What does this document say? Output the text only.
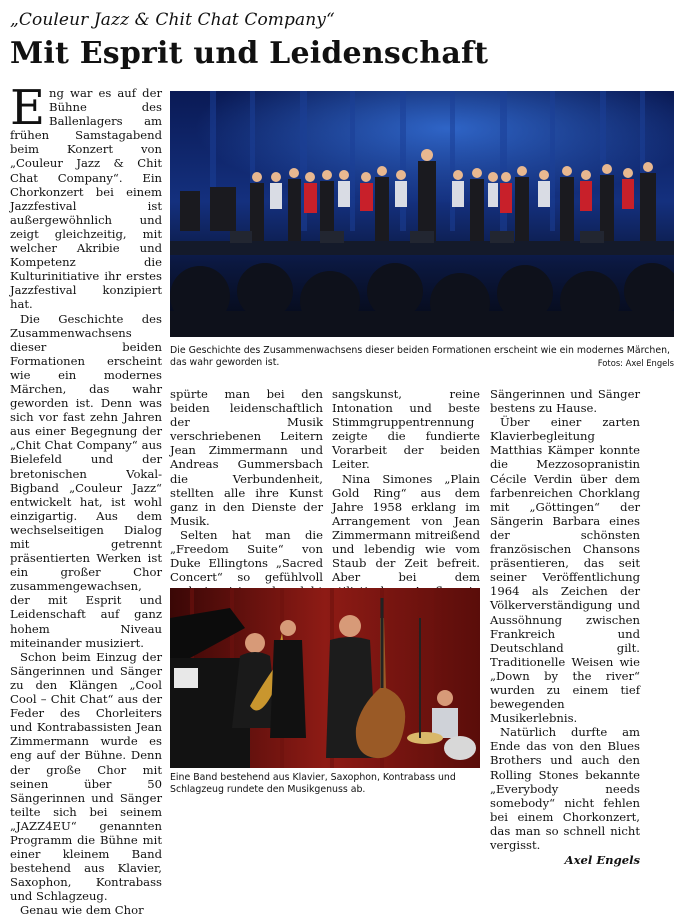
„Couleur Jazz & Chit Chat Company“
Mit Esprit und Leidenschaft

Eng war es auf der Bühne des Ballenlagers am frühen Samstagabend beim Konzert von „Couleur Jazz & Chit Chat Company“. Ein Chorkonzert bei einem Jazzfestival ist außergewöhnlich und zeigt gleichzeitig, mit welcher Akribie und Kompetenz die Kulturinitiative ihr erstes Jazzfestival konzipiert hat.

Die Geschichte des Zusammenwachsens dieser beiden Formationen erscheint wie ein modernes Märchen, das wahr geworden ist. Denn was sich vor fast zehn Jahren aus einer Begegnung der „Chit Chat Company“ aus Bielefeld und der bretonischen Vokal-Bigband „Couleur Jazz“ entwickelt hat, ist wohl einzigartig. Aus dem wechselseitigen Dialog mit getrennt präsentierten Werken ist ein großer Chor zusammengewachsen, der mit Esprit und Leidenschaft auf ganz hohem Niveau miteinander musiziert.

Schon beim Einzug der Sängerinnen und Sänger zu den Klängen „Cool Cool – Chit Chat“ aus der Feder des Chorleiters und Kontrabassisten Jean Zimmermann wurde es eng auf der Bühne. Denn der große Chor mit seinen über 50 Sängerinnen und Sänger teilte sich bei seinem „JAZZ4EU“ genannten Programm die Bühne mit einer kleinem Band bestehend aus Klavier, Saxophon, Kontrabass und Schlagzeug.

Genau wie dem Chor

Die Geschichte des Zusammenwachsens dieser beiden Formationen erscheint wie ein modernes Märchen, das wahr geworden ist.	Fotos: Axel Engels

spürte man bei den beiden leidenschaftlich der Musik verschriebenen Leitern Jean Zimmermann und Andreas Gummersbach die Verbundenheit, stellten alle ihre Kunst ganz in den Dienste der Musik.

Selten hat man die „Freedom Suite“ von Duke Ellingtons „Sacred Concert“ so gefühlvoll

sangskunst, reine Intonation und beste Stimmgruppentrennung zeigte die fundierte Vorarbeit der beiden Leiter.

Nina Simones „Plain Gold Ring“ aus dem Jahre 1958 erklang im Arrangement von Jean Zimmermann mitreißend und lebendig wie vom Staub der Zeit befreit. Aber bei dem

Sängerinnen und Sänger bestens zu Hause.

Über einer zarten Klavierbegleitung Matthias Kämper konnte die Mezzosopranistin Cécile Verdin über dem farbenreichen Chorklang mit „Göttingen“ der Sängerin Barbara eines der schönsten französischen Chansons präsentieren, das seit seiner Veröffentlichung 1964 als Zeichen der Völkerverständigung und Aussöhnung zwischen Frankreich und Deutschland gilt. Traditionelle Weisen wie „Down by the river“ wurden zu einem tief bewegenden Musikerlebnis.

Natürlich durfte am Ende das von den Blues Brothers und auch den Rolling Stones bekannte „Everybody needs somebody“ nicht fehlen bei einem Chorkonzert, das man so schnell nicht vergisst.

Axel Engels
Eine Band bestehend aus Klavier, Saxophon, Kontrabass und Schlagzeug rundete den Musikgenuss ab.
